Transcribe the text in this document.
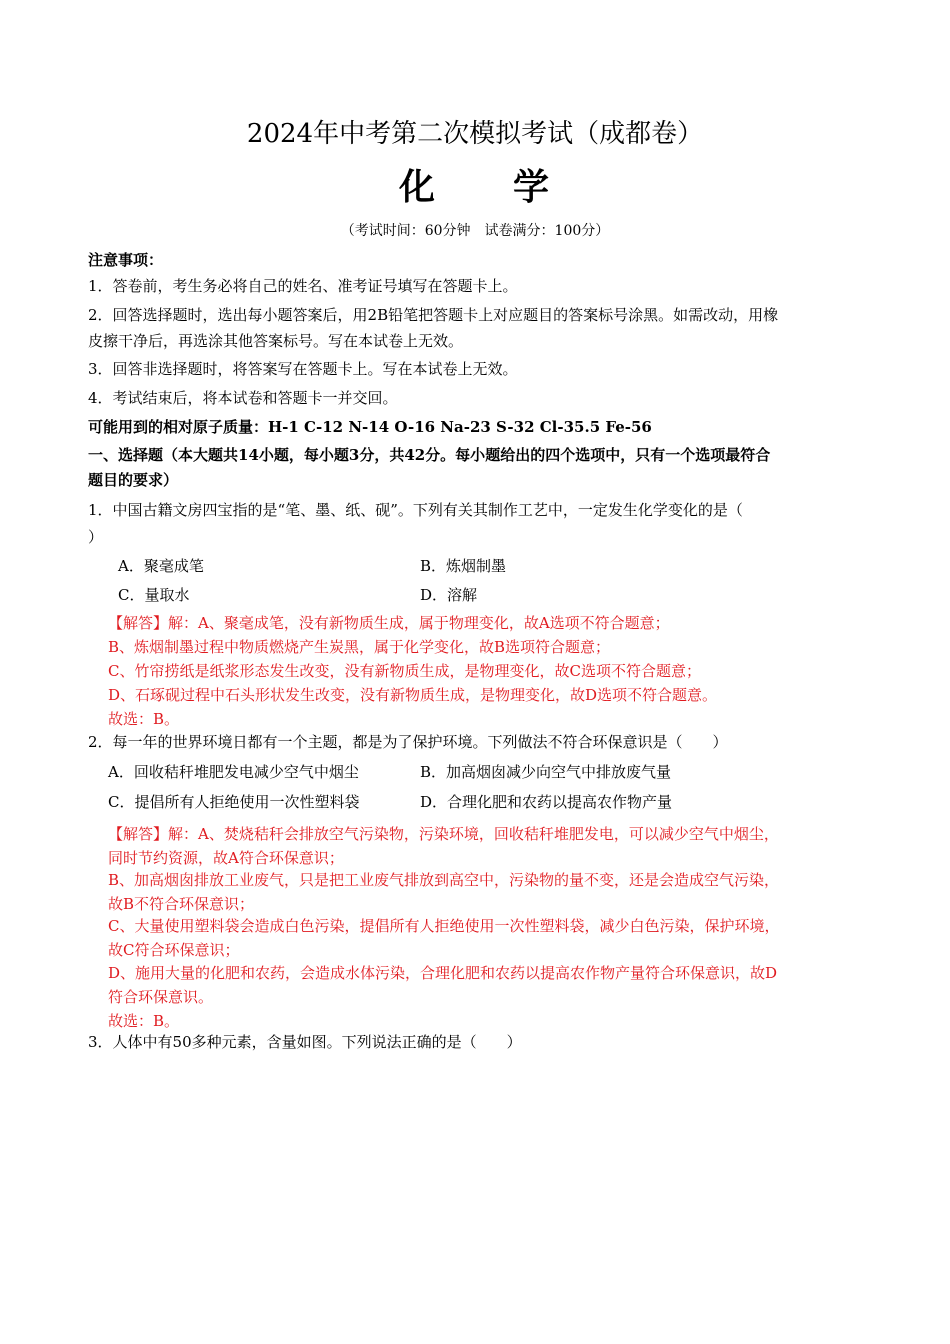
2024年中考第二次模拟考试（成都卷）
化　　学
（考试时间：60分钟　试卷满分：100分）
注意事项：
1．答卷前，考生务必将自己的姓名、准考证号填写在答题卡上。
2．回答选择题时，选出每小题答案后，用2B铅笔把答题卡上对应题目的答案标号涂黑。如需改动，用橡
皮擦干净后，再选涂其他答案标号。写在本试卷上无效。
3．回答非选择题时，将答案写在答题卡上。写在本试卷上无效。
4．考试结束后，将本试卷和答题卡一并交回。
可能用到的相对原子质量：H-1 C-12 N-14 O-16 Na-23 S-32 Cl-35.5 Fe-56
一、选择题（本大题共14小题，每小题3分，共42分。每小题给出的四个选项中，只有一个选项最符合
题目的要求）
1．中国古籍文房四宝指的是“笔、墨、纸、砚”。下列有关其制作工艺中，一定发生化学变化的是（
）
A．聚毫成笔	B．炼烟制墨
C．量取水	D．溶解
【解答】解：A、聚毫成笔，没有新物质生成，属于物理变化，故A选项不符合题意；
B、炼烟制墨过程中物质燃烧产生炭黑，属于化学变化，故B选项符合题意；
C、竹帘捞纸是纸浆形态发生改变，没有新物质生成，是物理变化，故C选项不符合题意；
D、石琢砚过程中石头形状发生改变，没有新物质生成，是物理变化，故D选项不符合题意。
故选：B。
2．每一年的世界环境日都有一个主题，都是为了保护环境。下列做法不符合环保意识是（　　）
A．回收秸秆堆肥发电减少空气中烟尘	B．加高烟囱减少向空气中排放废气量
C．提倡所有人拒绝使用一次性塑料袋	D．合理化肥和农药以提高农作物产量
【解答】解：A、焚烧秸秆会排放空气污染物，污染环境，回收秸秆堆肥发电，可以减少空气中烟尘，
同时节约资源，故A符合环保意识；
B、加高烟囱排放工业废气，只是把工业废气排放到高空中，污染物的量不变，还是会造成空气污染，
故B不符合环保意识；
C、大量使用塑料袋会造成白色污染，提倡所有人拒绝使用一次性塑料袋，减少白色污染，保护环境，
故C符合环保意识；
D、施用大量的化肥和农药，会造成水体污染，合理化肥和农药以提高农作物产量符合环保意识，故D
符合环保意识。
故选：B。
3．人体中有50多种元素，含量如图。下列说法正确的是（　　）
